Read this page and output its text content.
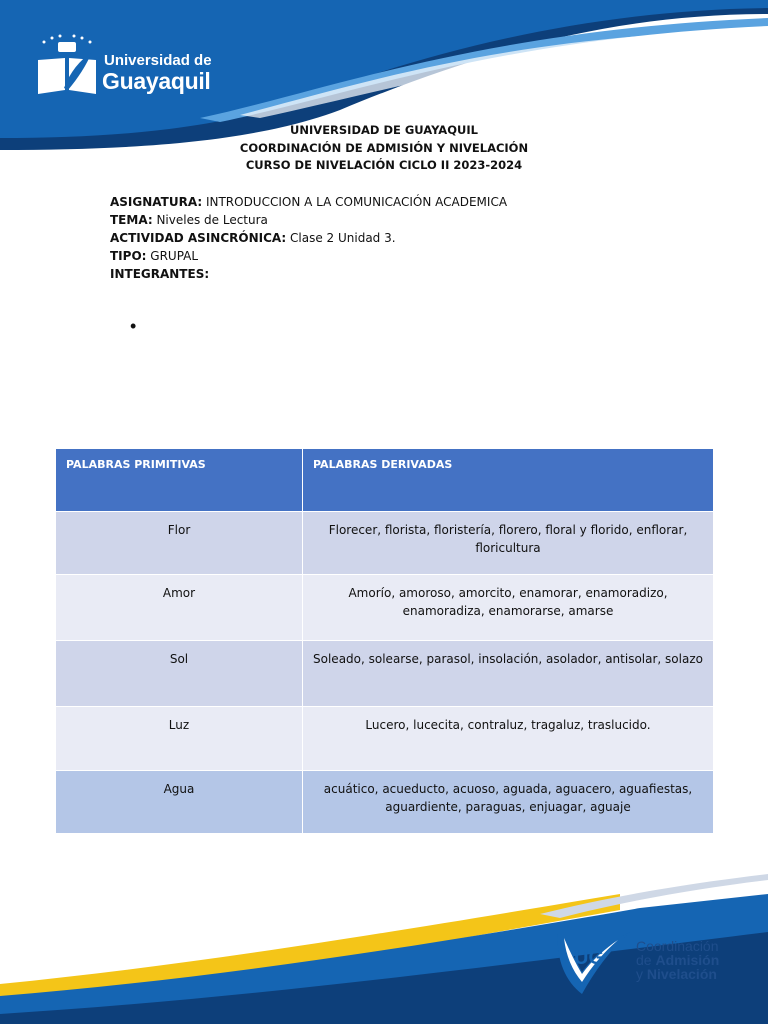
Universidad de
Guayaquil
UNIVERSIDAD DE GUAYAQUIL
COORDINACIÓN DE ADMISIÓN Y NIVELACIÓN
CURSO DE NIVELACIÓN CICLO II 2023-2024
ASIGNATURA: INTRODUCCION A LA COMUNICACIÓN ACADEMICA
TEMA: Niveles de Lectura
ACTIVIDAD ASINCRÓNICA: Clase 2 Unidad 3.
TIPO: GRUPAL
INTEGRANTES:
•
PALABRAS PRIMITIVAS	PALABRAS DERIVADAS
Flor	Florecer, florista, floristería, florero, floral y florido, enflorar, floricultura
Amor	Amorío, amoroso, amorcito, enamorar, enamoradizo, enamoradiza, enamorarse, amarse
Sol	Soleado, solearse, parasol, insolación, asolador, antisolar, solazo
Luz	Lucero, lucecita, contraluz, tragaluz, traslucido.
Agua	acuático, acueducto, acuoso, aguada, aguacero, aguafiestas, aguardiente, paraguas, enjuagar, aguaje
UG
Coordinación
de Admisión
y Nivelación
